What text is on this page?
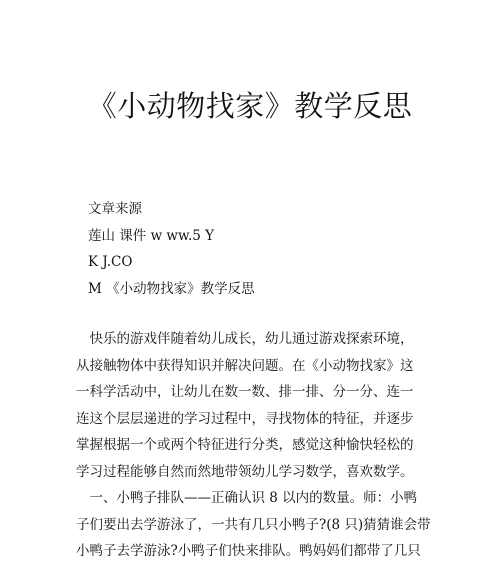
《小动物找家》教学反思
文章来源
莲山 课件 w ww.5 Y
K J.CO
M 《小动物找家》教学反思
　快乐的游戏伴随着幼儿成长，幼儿通过游戏探索环境，
从接触物体中获得知识并解决问题。在《小动物找家》这
一科学活动中，让幼儿在数一数、排一排、分一分、连一
连这个层层递进的学习过程中，寻找物体的特征，并逐步
掌握根据一个或两个特征进行分类，感觉这种愉快轻松的
学习过程能够自然而然地带领幼儿学习数学，喜欢数学。
　一、小鸭子排队——正确认识 8 以内的数量。师：小鸭
子们要出去学游泳了，一共有几只小鸭子?(8 只)猜猜谁会带
小鸭子去学游泳?小鸭子们快来排队。鸭妈妈们都带了几只
